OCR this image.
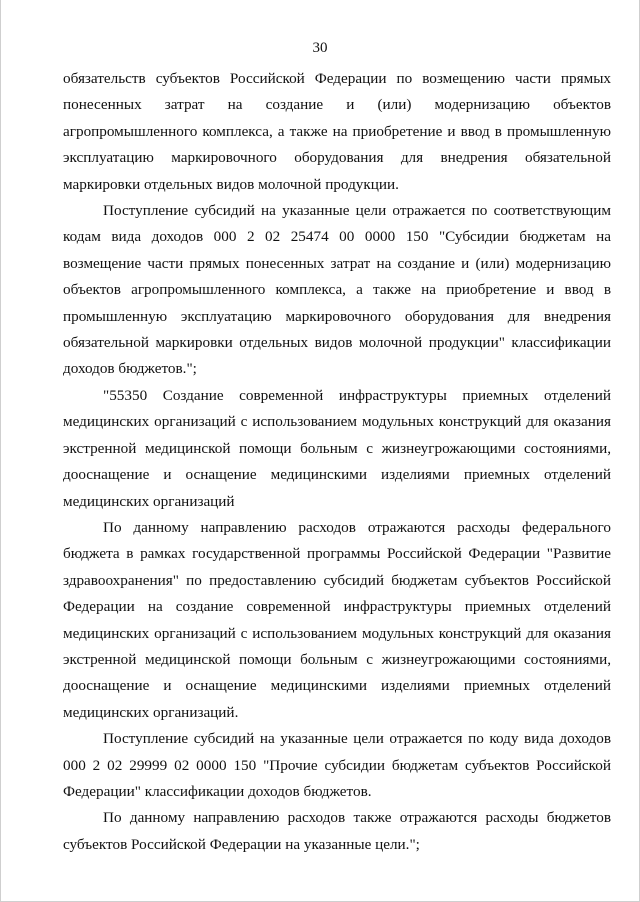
30

обязательств субъектов Российской Федерации по возмещению части прямых понесенных затрат на создание и (или) модернизацию объектов агропромышленного комплекса, а также на приобретение и ввод в промышленную эксплуатацию маркировочного оборудования для внедрения обязательной маркировки отдельных видов молочной продукции.

Поступление субсидий на указанные цели отражается по соответствующим кодам вида доходов 000 2 02 25474 00 0000 150 "Субсидии бюджетам на возмещение части прямых понесенных затрат на создание и (или) модернизацию объектов агропромышленного комплекса, а также на приобретение и ввод в промышленную эксплуатацию маркировочного оборудования для внедрения обязательной маркировки отдельных видов молочной продукции" классификации доходов бюджетов.";

"55350 Создание современной инфраструктуры приемных отделений медицинских организаций с использованием модульных конструкций для оказания экстренной медицинской помощи больным с жизнеугрожающими состояниями, дооснащение и оснащение медицинскими изделиями приемных отделений медицинских организаций

По данному направлению расходов отражаются расходы федерального бюджета в рамках государственной программы Российской Федерации "Развитие здравоохранения" по предоставлению субсидий бюджетам субъектов Российской Федерации на создание современной инфраструктуры приемных отделений медицинских организаций с использованием модульных конструкций для оказания экстренной медицинской помощи больным с жизнеугрожающими состояниями, дооснащение и оснащение медицинскими изделиями приемных отделений медицинских организаций.

Поступление субсидий на указанные цели отражается по коду вида доходов 000 2 02 29999 02 0000 150 "Прочие субсидии бюджетам субъектов Российской Федерации" классификации доходов бюджетов.

По данному направлению расходов также отражаются расходы бюджетов субъектов Российской Федерации на указанные цели.";
